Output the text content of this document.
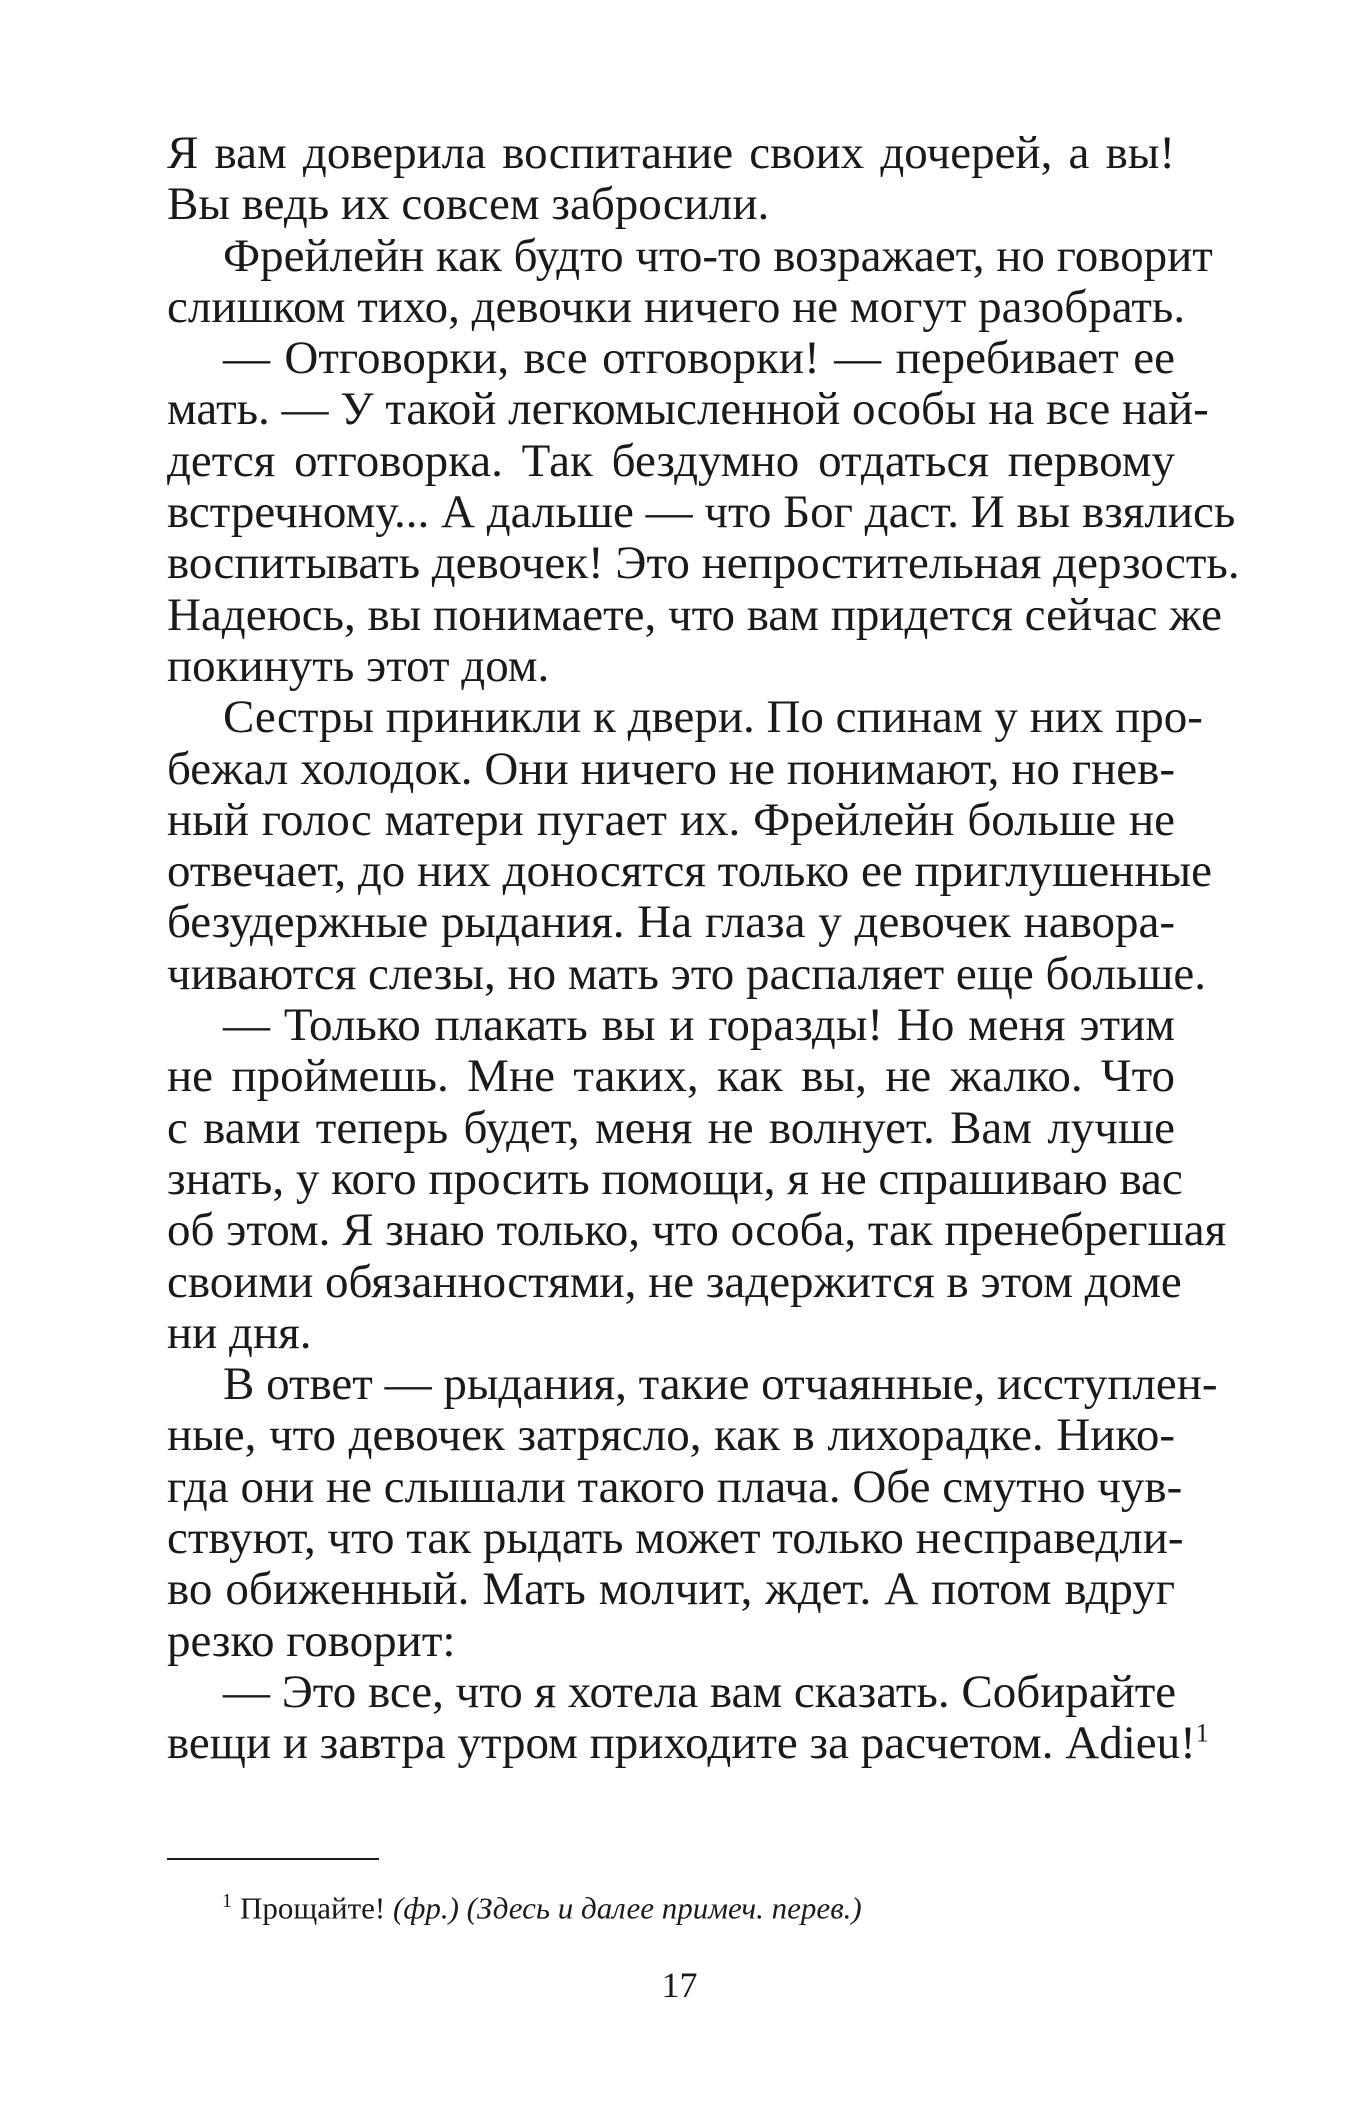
Я вам доверила воспитание своих дочерей, а вы!
Вы ведь их совсем забросили.
Фрейлейн как будто что-то возражает, но говорит
слишком тихо, девочки ничего не могут разобрать.
— Отговорки, все отговорки! — перебивает ее
мать. — У такой легкомысленной особы на все най-
дется отговорка. Так бездумно отдаться первому
встречному... А дальше — что Бог даст. И вы взялись
воспитывать девочек! Это непростительная дерзость.
Надеюсь, вы понимаете, что вам придется сейчас же
покинуть этот дом.
Сестры приникли к двери. По спинам у них про-
бежал холодок. Они ничего не понимают, но гнев-
ный голос матери пугает их. Фрейлейн больше не
отвечает, до них доносятся только ее приглушенные
безудержные рыдания. На глаза у девочек навора-
чиваются слезы, но мать это распаляет еще больше.
— Только плакать вы и горазды! Но меня этим
не проймешь. Мне таких, как вы, не жалко. Что
с вами теперь будет, меня не волнует. Вам лучше
знать, у кого просить помощи, я не спрашиваю вас
об этом. Я знаю только, что особа, так пренебрегшая
своими обязанностями, не задержится в этом доме
ни дня.
В ответ — рыдания, такие отчаянные, исступлен-
ные, что девочек затрясло, как в лихорадке. Нико-
гда они не слышали такого плача. Обе смутно чув-
ствуют, что так рыдать может только несправедли-
во обиженный. Мать молчит, ждет. А потом вдруг
резко говорит:
— Это все, что я хотела вам сказать. Собирайте
вещи и завтра утром приходите за расчетом. Adieu!$^1$
$^1$ Прощайте! (фр.) (Здесь и далее примеч. перев.)
17
